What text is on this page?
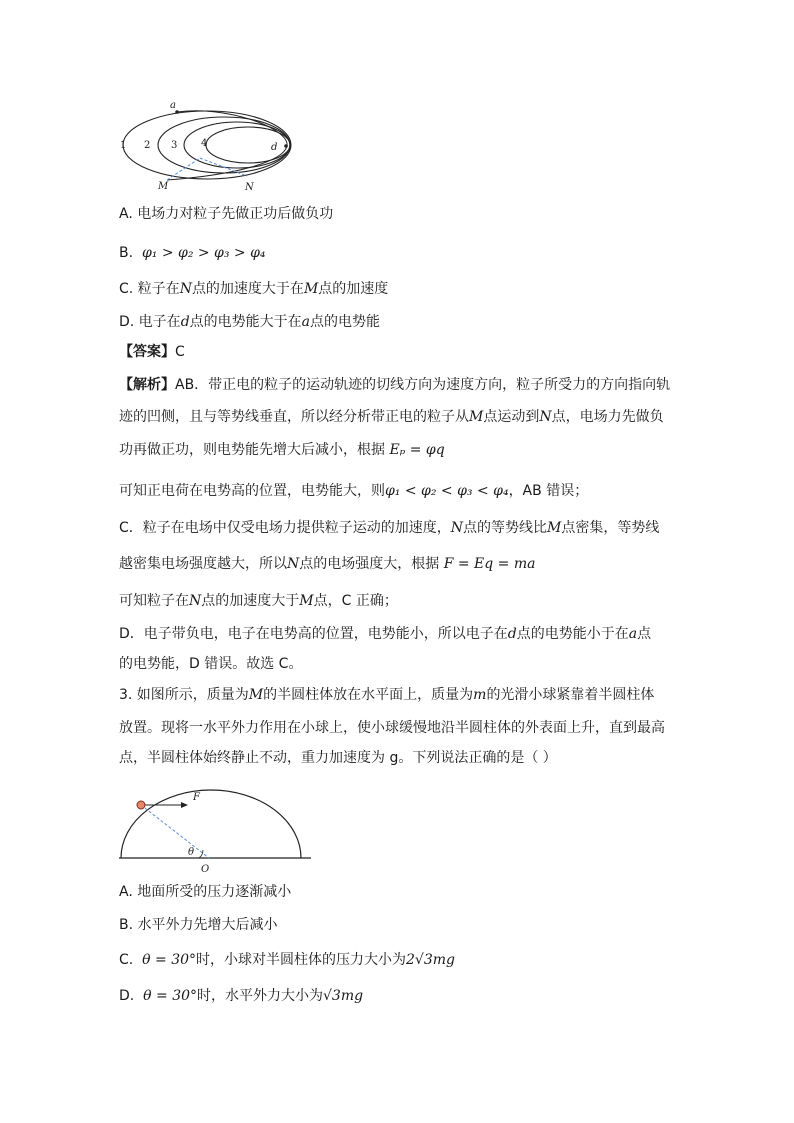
a
1 2 3 4	d
M	N
A. 电场力对粒子先做正功后做负功
B. φ₁ > φ₂ > φ₃ > φ₄
C. 粒子在N点的加速度大于在M点的加速度
D. 电子在d点的电势能大于在a点的电势能
【答案】C
【解析】AB．带正电的粒子的运动轨迹的切线方向为速度方向，粒子所受力的方向指向轨
迹的凹侧，且与等势线垂直，所以经分析带正电的粒子从M点运动到N点，电场力先做负
功再做正功，则电势能先增大后减小，根据 Eₚ = φq
可知正电荷在电势高的位置，电势能大，则φ₁ < φ₂ < φ₃ < φ₄，AB 错误；
C．粒子在电场中仅受电场力提供粒子运动的加速度，N点的等势线比M点密集，等势线
越密集电场强度越大，所以N点的电场强度大，根据 F = Eq = ma
可知粒子在N点的加速度大于M点，C 正确；
D．电子带负电，电子在电势高的位置，电势能小，所以电子在d点的电势能小于在a点
的电势能，D 错误。故选 C。
3. 如图所示，质量为M的半圆柱体放在水平面上，质量为m的光滑小球紧靠着半圆柱体
放置。现将一水平外力作用在小球上，使小球缓慢地沿半圆柱体的外表面上升，直到最高
点，半圆柱体始终静止不动，重力加速度为 g。下列说法正确的是（ ）
F
θ
O
A. 地面所受的压力逐渐减小
B. 水平外力先增大后减小
C. θ = 30°时，小球对半圆柱体的压力大小为2√3mg
D. θ = 30°时，水平外力大小为√3mg
